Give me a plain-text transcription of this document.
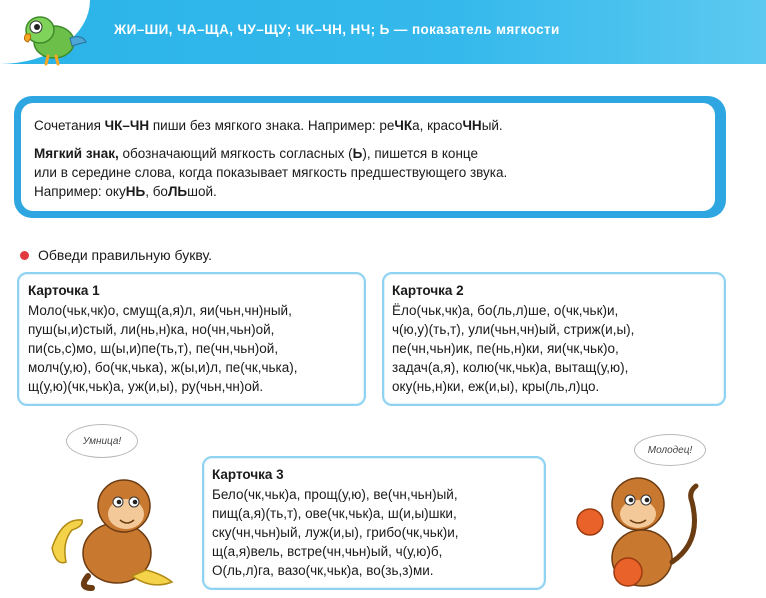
ЖИ–ШИ, ЧА–ЩА, ЧУ–ЩУ; ЧК–ЧН, НЧ; Ь — показатель мягкости
Сочетания ЧК–ЧН пиши без мягкого знака. Например: реЧКа, красоЧНый.
Мягкий знак, обозначающий мягкость согласных (Ь), пишется в конце
или в середине слова, когда показывает мягкость предшествующего звука.
Например: окуНЬ, боЛЬшой.
Обведи правильную букву.
Карточка 1
Моло(чьк,чк)о, смущ(а,я)л, яи(чьн,чн)ный,
пуш(ы,и)стый, ли(нь,н)ка, но(чн,чьн)ой,
пи(сь,с)мо, ш(ы,и)пе(ть,т), пе(чн,чьн)ой,
молч(у,ю), бо(чк,чька), ж(ы,и)л, пе(чк,чька),
щ(у,ю)(чк,чьк)а, уж(и,ы), ру(чьн,чн)ой.
Карточка 2
Ёло(чьк,чк)а, бо(ль,л)ше, о(чк,чьк)и,
ч(ю,у)(ть,т), ули(чьн,чн)ый, стриж(и,ы),
пе(чн,чьн)ик, пе(нь,н)ки, яи(чк,чьк)о,
задач(а,я), колю(чк,чьк)а, вытащ(у,ю),
оку(нь,н)ки, еж(и,ы), кры(ль,л)цо.
Карточка 3
Бело(чк,чьк)а, прощ(у,ю), ве(чн,чьн)ый,
пищ(а,я)(ть,т), ове(чк,чьк)а, ш(и,ы)шки,
ску(чн,чьн)ый, луж(и,ы), грибо(чк,чьк)и,
щ(а,я)вель, встре(чн,чьн)ый, ч(у,ю)б,
О(ль,л)га, вазо(чк,чьк)а, во(зь,з)ми.
Умница!
Молодец!
